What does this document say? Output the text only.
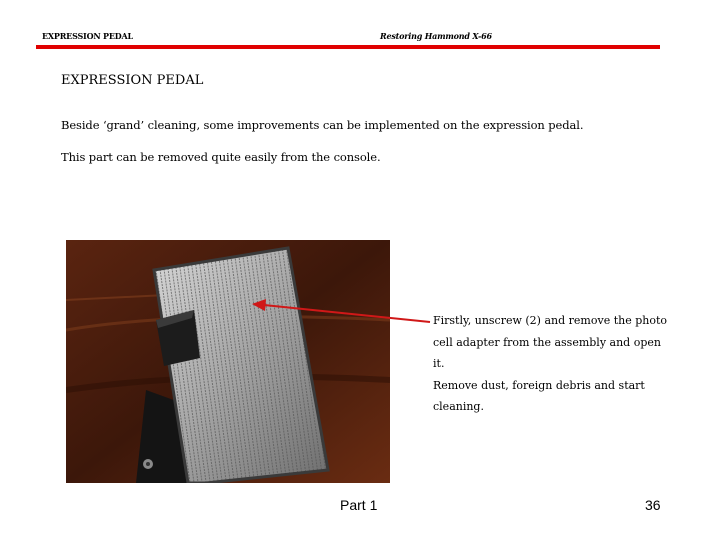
EXPRESSION PEDAL	Restoring Hammond X-66
EXPRESSION PEDAL
Beside ‘grand’ cleaning, some improvements can be implemented on the expression pedal.
This part can be removed quite easily from the console.
Firstly, unscrew (2) and remove the photo
cell adapter from the assembly and open it.
Remove dust, foreign debris and start
cleaning.
Part 1	36
